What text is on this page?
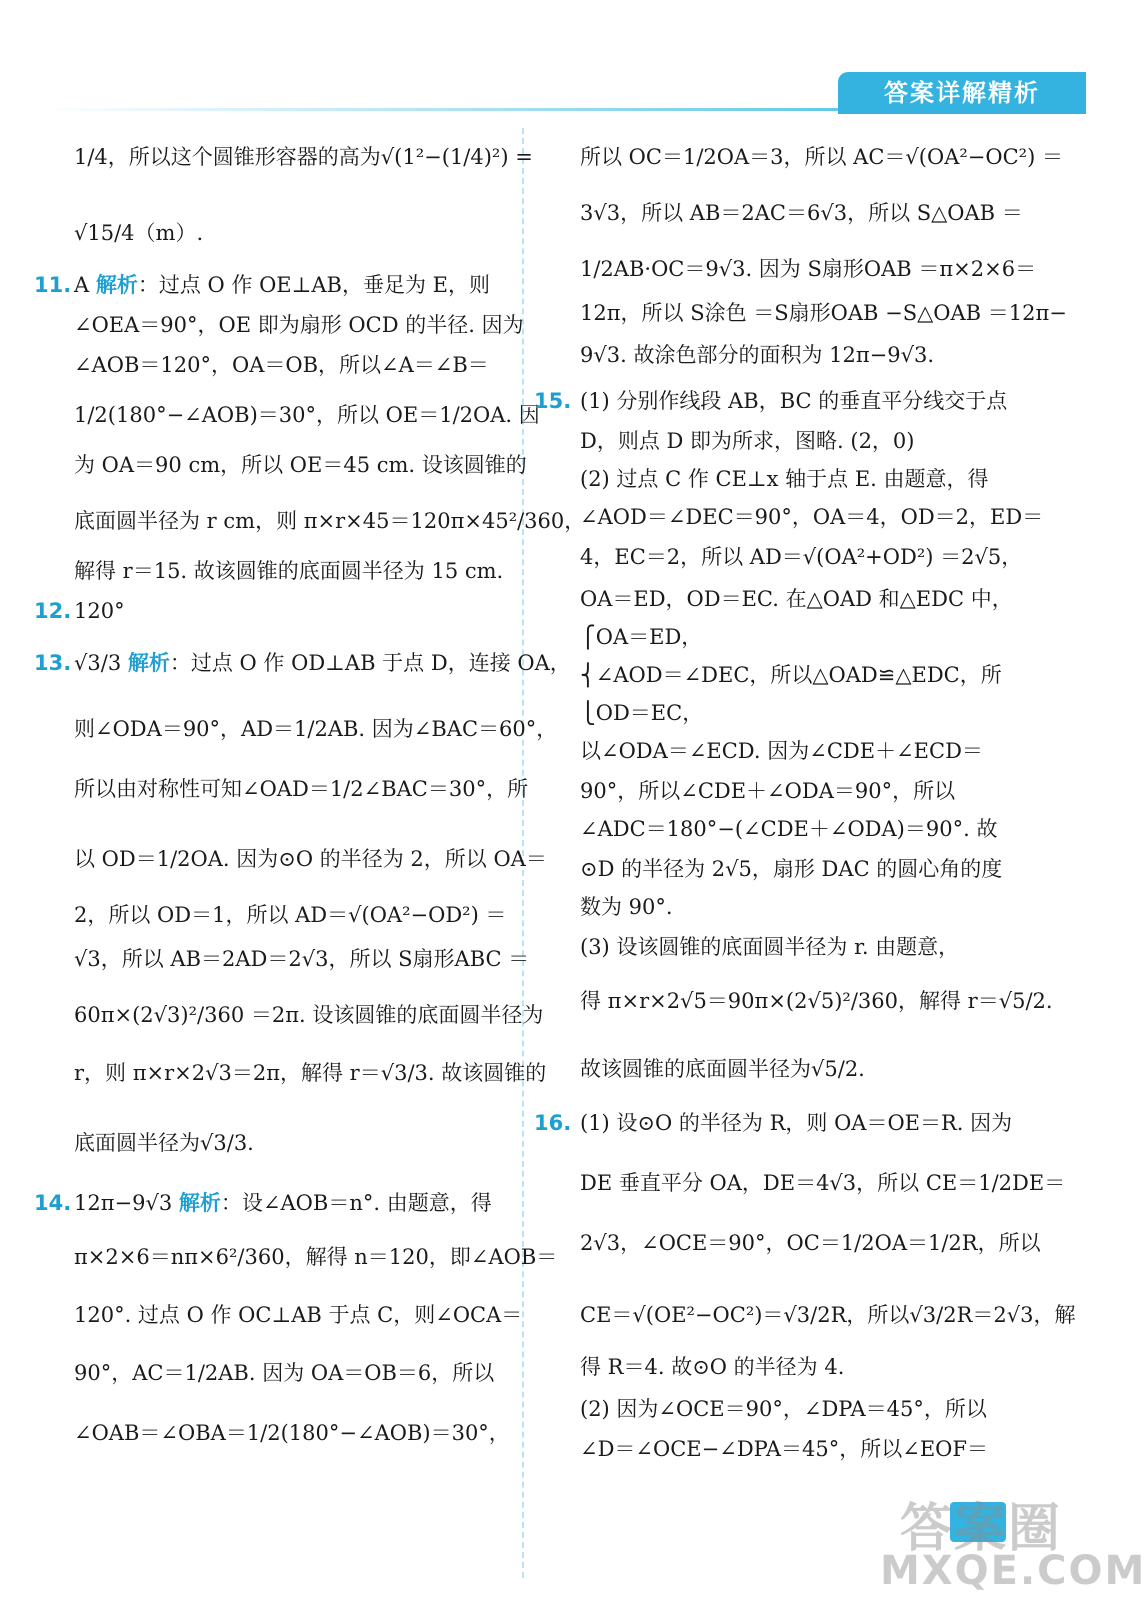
答案详解精析
1/4，所以这个圆锥形容器的高为√(1²−(1/4)²) =
√15/4（m）.
11. A 解析：过点 O 作 OE⊥AB，垂足为 E，则
∠OEA＝90°，OE 即为扇形 OCD 的半径. 因为
∠AOB＝120°，OA＝OB，所以∠A＝∠B＝
1/2(180°−∠AOB)＝30°，所以 OE＝1/2OA. 因
为 OA＝90 cm，所以 OE＝45 cm. 设该圆锥的
底面圆半径为 r cm，则 π×r×45＝120π×45²/360，
解得 r＝15. 故该圆锥的底面圆半径为 15 cm.
12. 120°
13. √3/3 解析：过点 O 作 OD⊥AB 于点 D，连接 OA，
则∠ODA＝90°，AD＝1/2AB. 因为∠BAC＝60°，
所以由对称性可知∠OAD＝1/2∠BAC＝30°，所
以 OD＝1/2OA. 因为⊙O 的半径为 2，所以 OA＝
2，所以 OD＝1，所以 AD＝√(OA²−OD²) ＝
√3，所以 AB＝2AD＝2√3，所以 S扇形ABC ＝
60π×(2√3)²/360 ＝2π. 设该圆锥的底面圆半径为
r，则 π×r×2√3＝2π，解得 r＝√3/3. 故该圆锥的
底面圆半径为√3/3.
14. 12π−9√3 解析：设∠AOB＝n°. 由题意，得
π×2×6＝nπ×6²/360，解得 n＝120，即∠AOB＝
120°. 过点 O 作 OC⊥AB 于点 C，则∠OCA＝
90°，AC＝1/2AB. 因为 OA＝OB＝6，所以
∠OAB＝∠OBA＝1/2(180°−∠AOB)＝30°，
所以 OC＝1/2OA＝3，所以 AC＝√(OA²−OC²) ＝
3√3，所以 AB＝2AC＝6√3，所以 S△OAB ＝
1/2AB·OC＝9√3. 因为 S扇形OAB ＝π×2×6＝
12π，所以 S涂色 ＝S扇形OAB −S△OAB ＝12π−
9√3. 故涂色部分的面积为 12π−9√3.
15. (1) 分别作线段 AB，BC 的垂直平分线交于点
D，则点 D 即为所求，图略. (2，0)
(2) 过点 C 作 CE⊥x 轴于点 E. 由题意，得
∠AOD＝∠DEC＝90°，OA＝4，OD＝2，ED＝
4，EC＝2，所以 AD＝√(OA²+OD²) ＝2√5，
OA＝ED，OD＝EC. 在△OAD 和△EDC 中，
⎧OA＝ED，
⎨∠AOD＝∠DEC，所以△OAD≌△EDC，所
⎩OD＝EC，
以∠ODA＝∠ECD. 因为∠CDE＋∠ECD＝
90°，所以∠CDE＋∠ODA＝90°，所以
∠ADC＝180°−(∠CDE＋∠ODA)＝90°. 故
⊙D 的半径为 2√5，扇形 DAC 的圆心角的度
数为 90°.
(3) 设该圆锥的底面圆半径为 r. 由题意，
得 π×r×2√5＝90π×(2√5)²/360，解得 r＝√5/2.
故该圆锥的底面圆半径为√5/2.
16. (1) 设⊙O 的半径为 R，则 OA＝OE＝R. 因为
DE 垂直平分 OA，DE＝4√3，所以 CE＝1/2DE＝
2√3，∠OCE＝90°，OC＝1/2OA＝1/2R，所以
CE＝√(OE²−OC²)＝√3/2R，所以√3/2R＝2√3，解
得 R＝4. 故⊙O 的半径为 4.
(2) 因为∠OCE＝90°，∠DPA＝45°，所以
∠D＝∠OCE−∠DPA＝45°，所以∠EOF＝
答案圈
MXQE.COM
